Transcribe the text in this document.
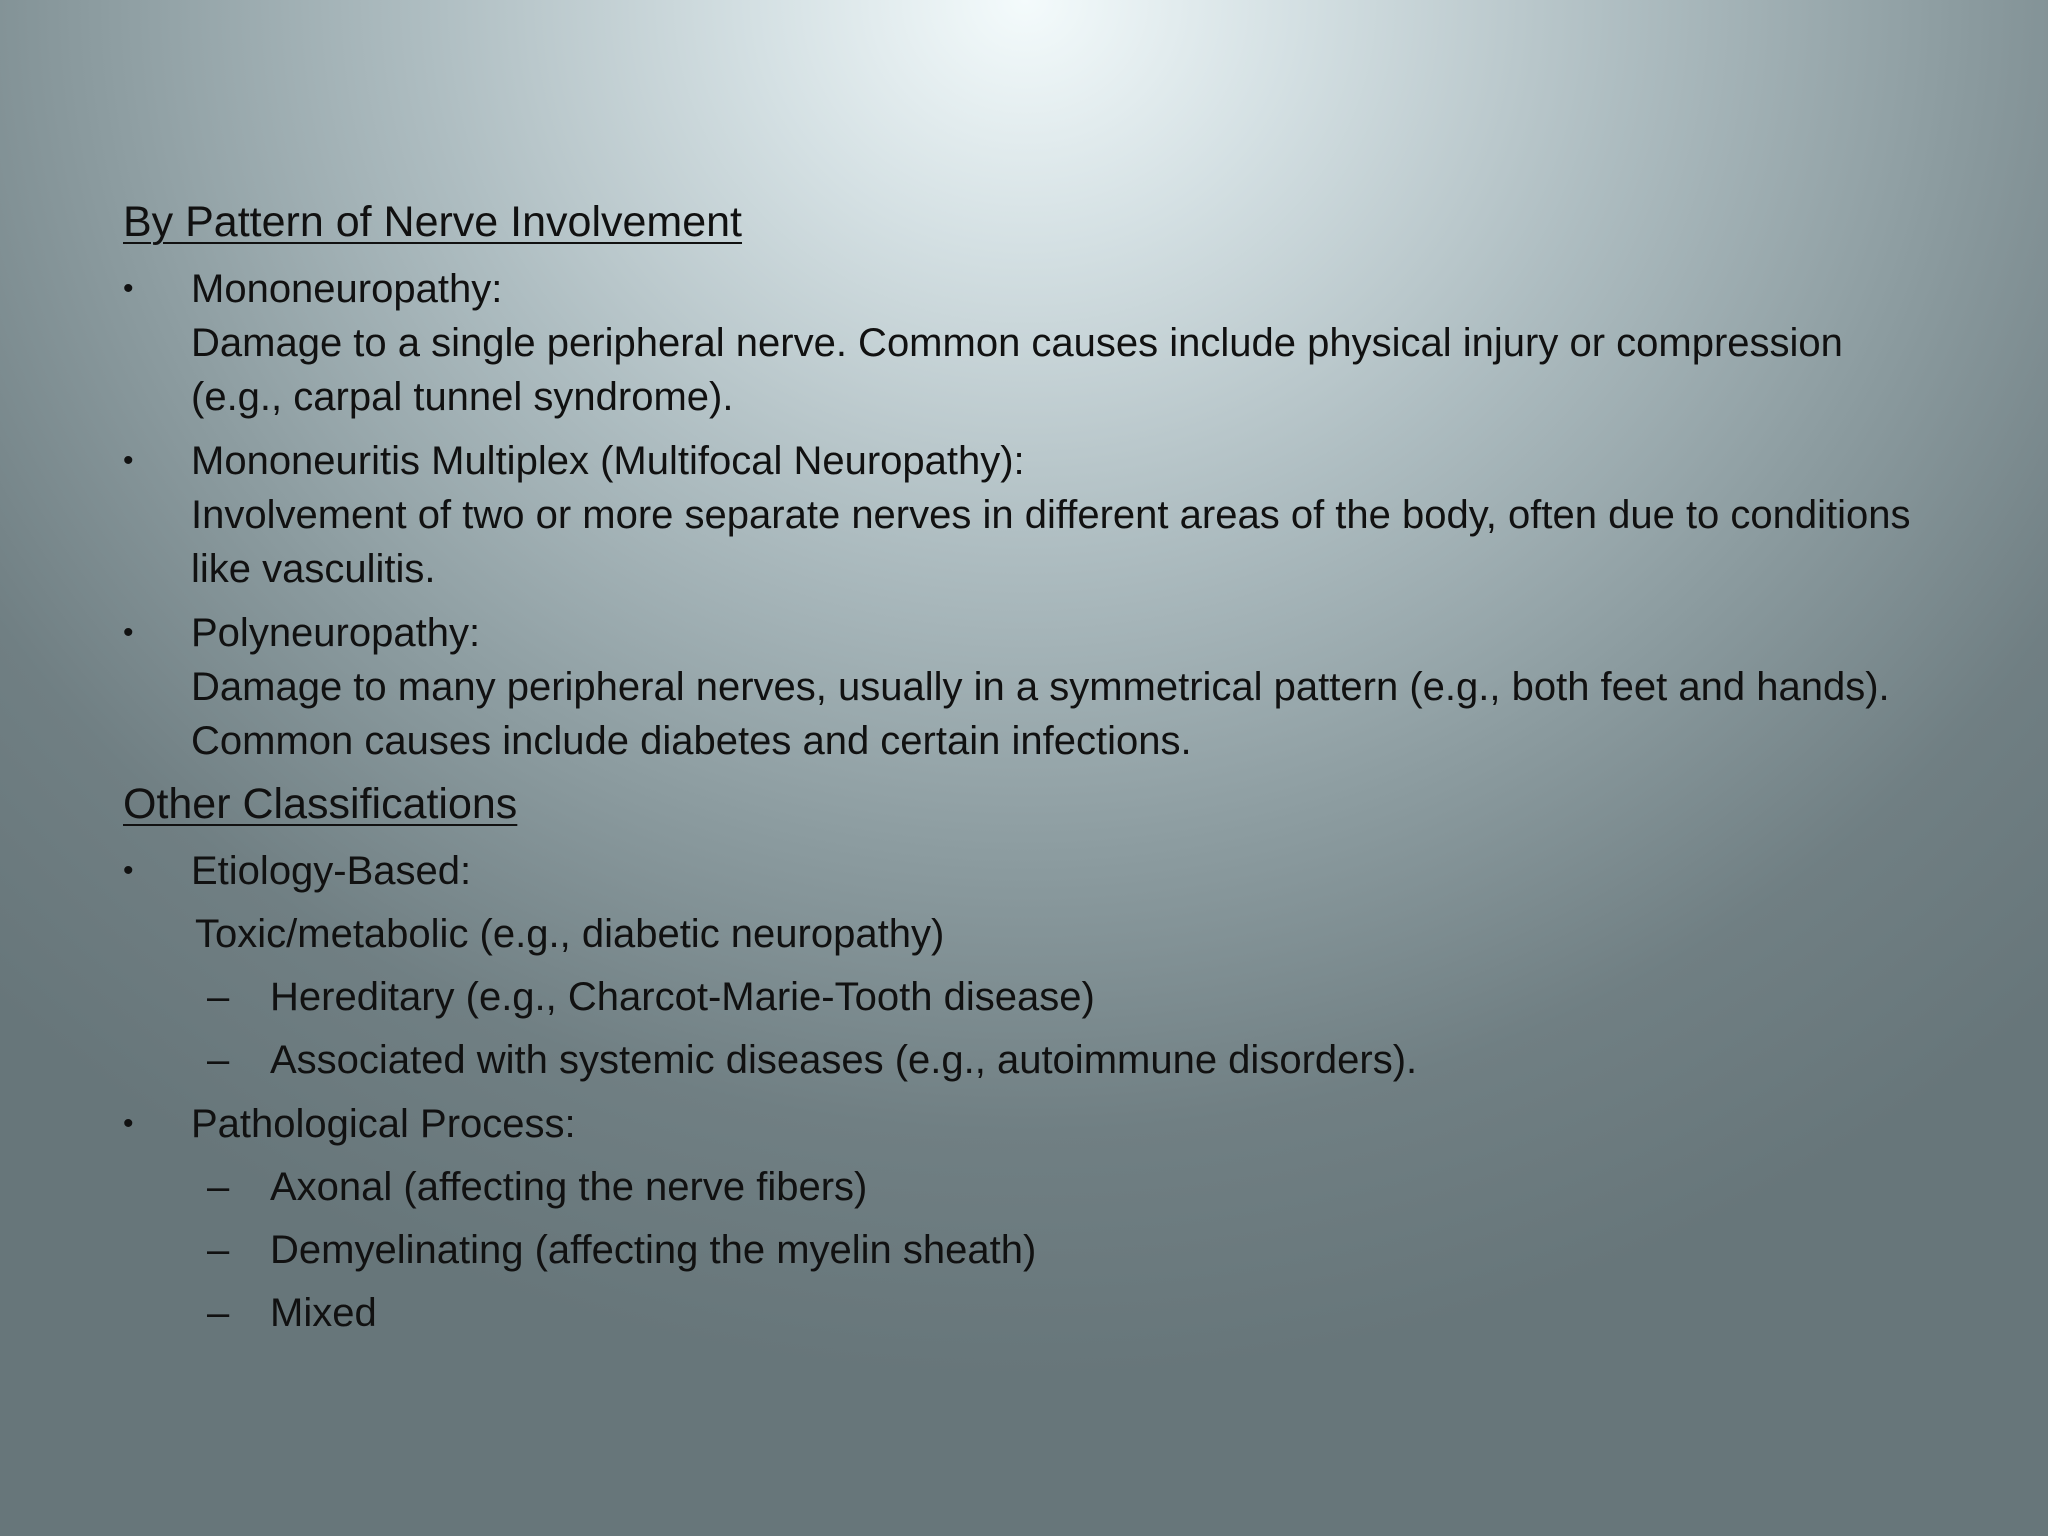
By Pattern of Nerve Involvement
• Mononeuropathy:
Damage to a single peripheral nerve. Common causes include physical injury or compression (e.g., carpal tunnel syndrome).
• Mononeuritis Multiplex (Multifocal Neuropathy):
Involvement of two or more separate nerves in different areas of the body, often due to conditions like vasculitis.
• Polyneuropathy:
Damage to many peripheral nerves, usually in a symmetrical pattern (e.g., both feet and hands). Common causes include diabetes and certain infections.
Other Classifications
• Etiology-Based:
Toxic/metabolic (e.g., diabetic neuropathy)
– Hereditary (e.g., Charcot-Marie-Tooth disease)
– Associated with systemic diseases (e.g., autoimmune disorders).
• Pathological Process:
– Axonal (affecting the nerve fibers)
– Demyelinating (affecting the myelin sheath)
– Mixed
